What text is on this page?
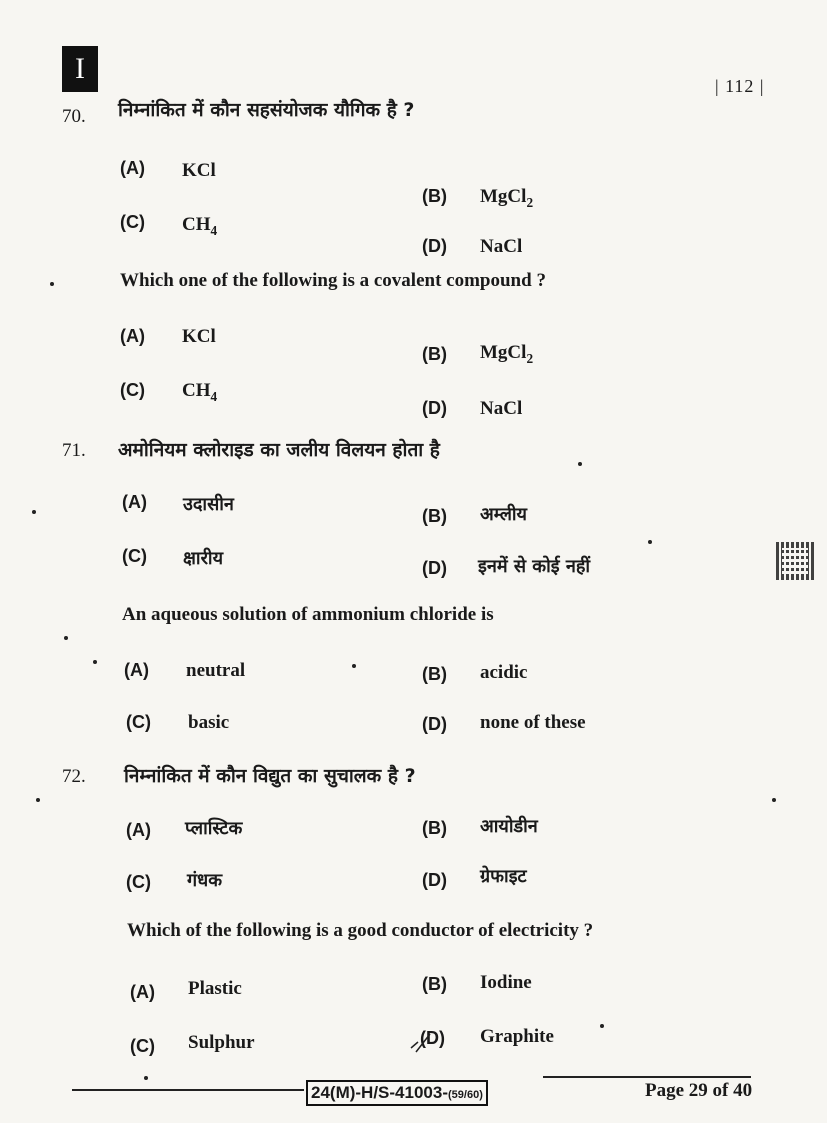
I
| 112 |
70. निम्नांकित में कौन सहसंयोजक यौगिक है ?
(A) KCl
(B) MgCl$_2$
(C) $CH_4$
(D) NaCl
Which one of the following is a covalent compound ?
(A) KCl
(B) MgCl$_2$
(C) $CH_4$
(D) NaCl
71. अमोनियम क्लोराइड का जलीय विलयन होता है
(A) उदासीन
(B) अम्लीय
(C) क्षारीय	(D) इनमें से कोई नहीं
An aqueous solution of ammonium chloride is
(A) neutral	(B) acidic
(C) basic	(D) none of these
72. निम्नांकित में कौन विद्युत का सुचालक है ?
(A) प्लास्टिक	(B) आयोडीन
(C) गंधक	(D) ग्रेफाइट
Which of the following is a good conductor of electricity ?
(A) Plastic	(B) Iodine
(C) Sulphur	(D) Graphite
24(M)-H/S-41003-(59/60)	Page 29 of 40
